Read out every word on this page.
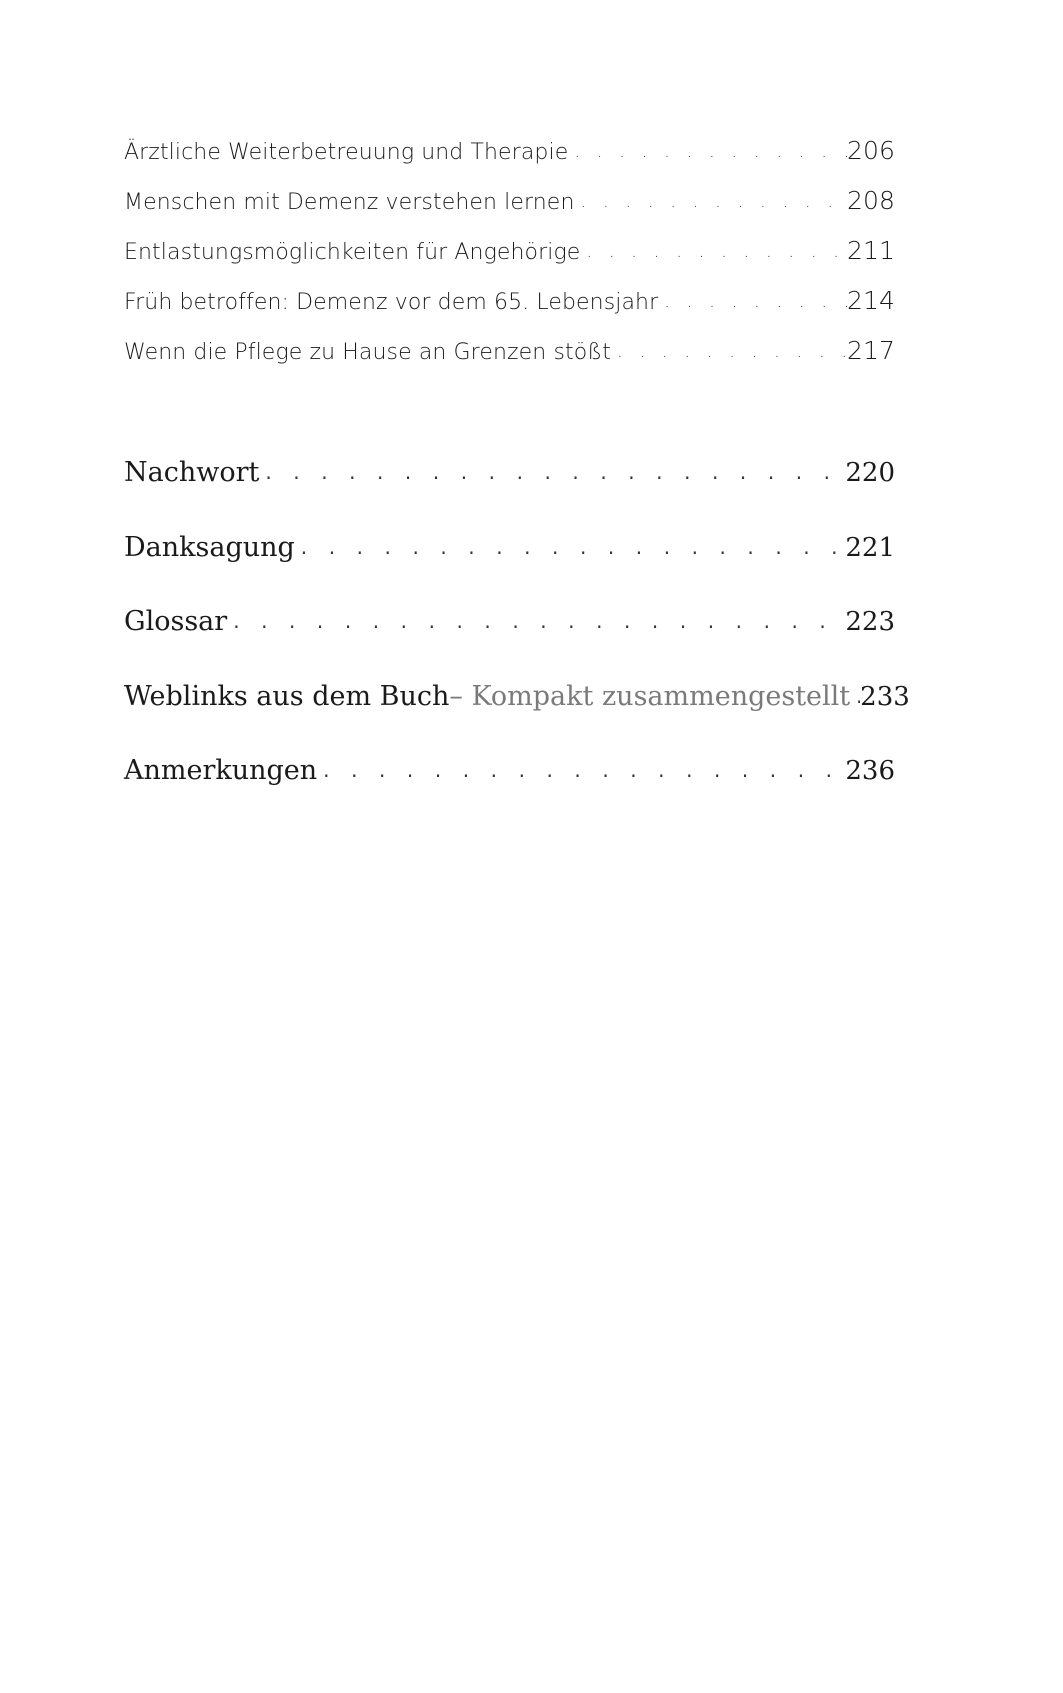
Ärztliche Weiterbetreuung und Therapie . . .	206
Menschen mit Demenz verstehen lernen . . .	208
Entlastungsmöglichkeiten für Angehörige . . .	211
Früh betroffen: Demenz vor dem 65. Lebensjahr . . .	214
Wenn die Pflege zu Hause an Grenzen stößt . . .	217
Nachwort . . .	220
Danksagung . . .	221
Glossar . . .	223
Weblinks aus dem Buch – Kompakt zusammengestellt . . . 233
Anmerkungen . . .	236
